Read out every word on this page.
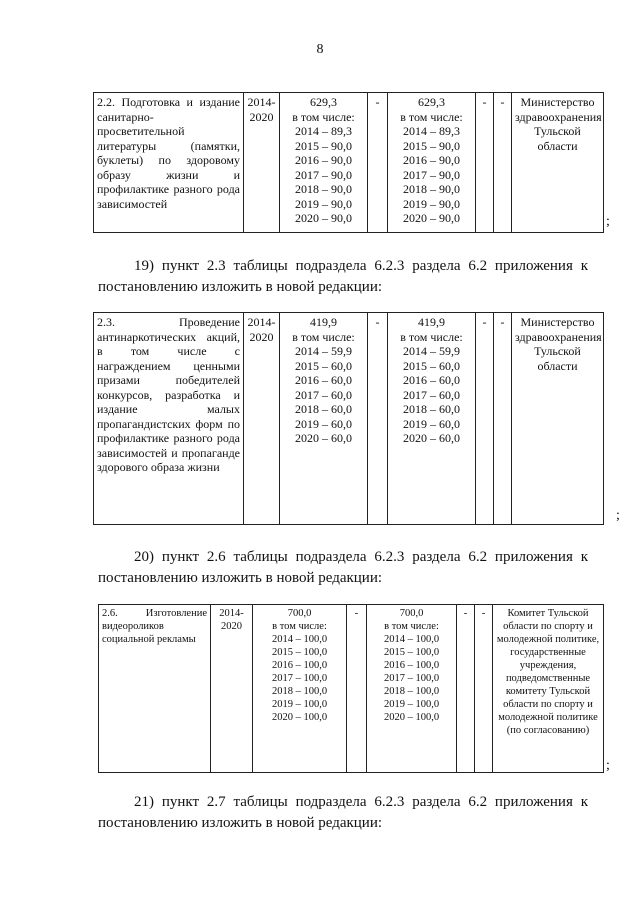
8
2.2. Подготовка и издание санитарно-просветительной литературы (памятки, буклеты) по здоровому образу жизни и профилактике разного рода зависимостей	2014-2020	
629,3
в том числе:
2014 – 89,3
2015 – 90,0
2016 – 90,0
2017 – 90,0
2018 – 90,0
2019 – 90,0
2020 – 90,0
	-	629,3
в том числе:
2014 – 89,3
2015 – 90,0
2016 – 90,0
2017 – 90,0
2018 – 90,0
2019 – 90,0
2020 – 90,0
	-	-	Министерство здравоохранения Тульской области
;
19) пункт 2.3 таблицы подраздела 6.2.3 раздела 6.2 приложения к постановлению изложить в новой редакции:
2.3. Проведение антинаркотических акций, в том числе с награждением ценными призами победителей конкурсов, разработка и издание малых пропагандистских форм по профилактике разного рода зависимостей и пропаганде здорового образа жизни	2014-2020	
419,9
в том числе:
2014 – 59,9
2015 – 60,0
2016 – 60,0
2017 – 60,0
2018 – 60,0
2019 – 60,0
2020 – 60,0
	-	419,9
в том числе:
2014 – 59,9
2015 – 60,0
2016 – 60,0
2017 – 60,0
2018 – 60,0
2019 – 60,0
2020 – 60,0
	-	-	Министерство здравоохранения Тульской области
;
20) пункт 2.6 таблицы подраздела 6.2.3 раздела 6.2 приложения к постановлению изложить в новой редакции:
2.6. Изготовление видеороликов социальной рекламы	2014-2020	
700,0
в том числе:
2014 – 100,0
2015 – 100,0
2016 – 100,0
2017 – 100,0
2018 – 100,0
2019 – 100,0
2020 – 100,0
	-	700,0
в том числе:
2014 – 100,0
2015 – 100,0
2016 – 100,0
2017 – 100,0
2018 – 100,0
2019 – 100,0
2020 – 100,0
	-	-	Комитет Тульской области по спорту и молодежной политике, государственные учреждения, подведомственные комитету Тульской области по спорту и молодежной политике (по согласованию)
;
21) пункт 2.7 таблицы подраздела 6.2.3 раздела 6.2 приложения к постановлению изложить в новой редакции:
